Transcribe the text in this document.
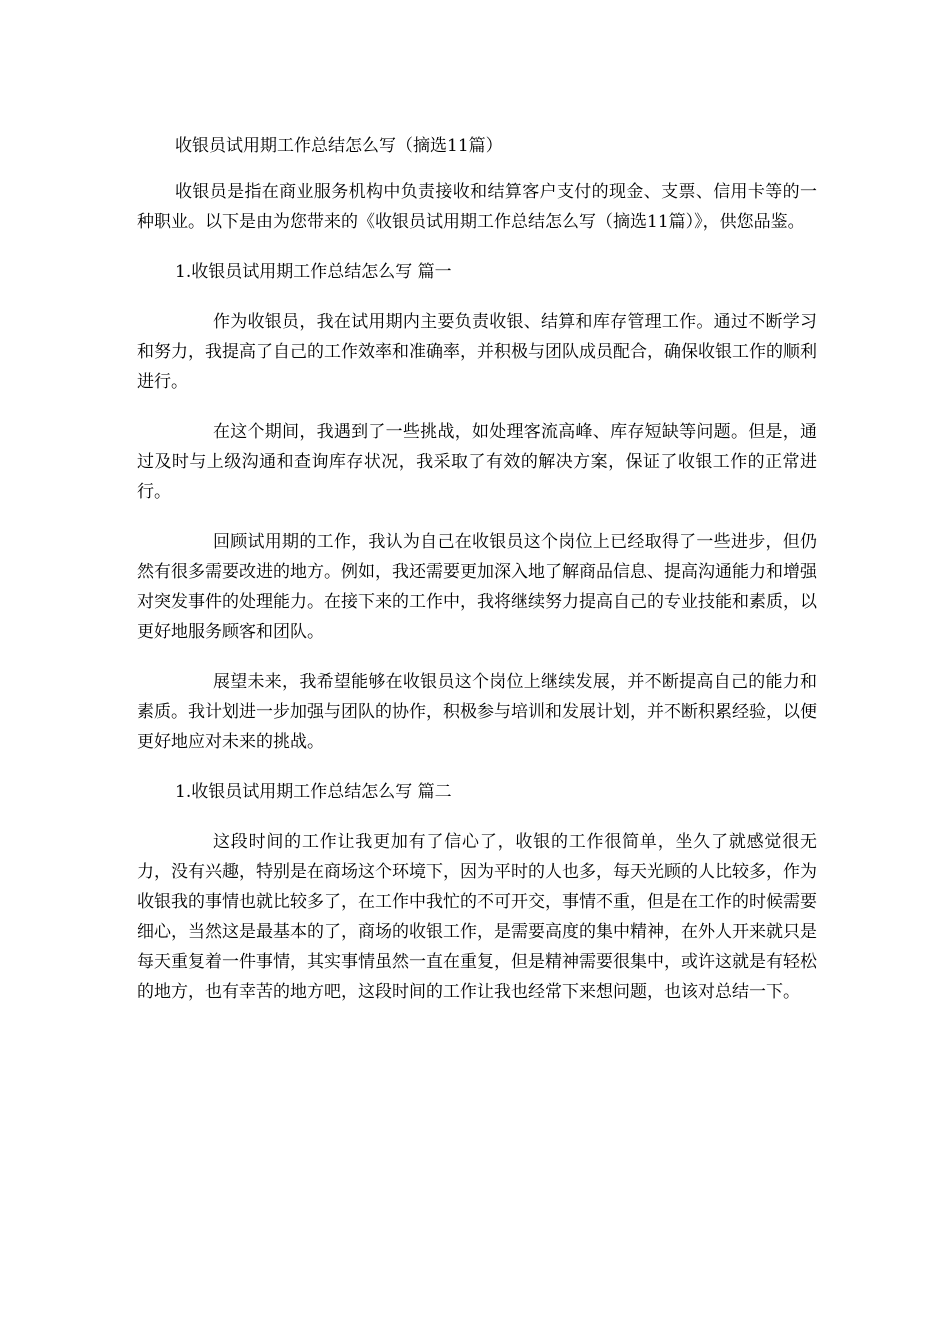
收银员试用期工作总结怎么写（摘选11篇）
收银员是指在商业服务机构中负责接收和结算客户支付的现金、支票、信用卡等的一种职业。以下是由为您带来的《收银员试用期工作总结怎么写（摘选11篇）》，供您品鉴。
1.收银员试用期工作总结怎么写 篇一
作为收银员，我在试用期内主要负责收银、结算和库存管理工作。通过不断学习和努力，我提高了自己的工作效率和准确率，并积极与团队成员配合，确保收银工作的顺利进行。
在这个期间，我遇到了一些挑战，如处理客流高峰、库存短缺等问题。但是，通过及时与上级沟通和查询库存状况，我采取了有效的解决方案，保证了收银工作的正常进行。
回顾试用期的工作，我认为自己在收银员这个岗位上已经取得了一些进步，但仍然有很多需要改进的地方。例如，我还需要更加深入地了解商品信息、提高沟通能力和增强对突发事件的处理能力。在接下来的工作中，我将继续努力提高自己的专业技能和素质，以更好地服务顾客和团队。
展望未来，我希望能够在收银员这个岗位上继续发展，并不断提高自己的能力和素质。我计划进一步加强与团队的协作，积极参与培训和发展计划，并不断积累经验，以便更好地应对未来的挑战。
1.收银员试用期工作总结怎么写 篇二
这段时间的工作让我更加有了信心了，收银的工作很简单，坐久了就感觉很无力，没有兴趣，特别是在商场这个环境下，因为平时的人也多，每天光顾的人比较多，作为收银我的事情也就比较多了，在工作中我忙的不可开交，事情不重，但是在工作的时候需要细心，当然这是最基本的了，商场的收银工作，是需要高度的集中精神，在外人开来就只是每天重复着一件事情，其实事情虽然一直在重复，但是精神需要很集中，或许这就是有轻松的地方，也有幸苦的地方吧，这段时间的工作让我也经常下来想问题，也该对总结一下。
